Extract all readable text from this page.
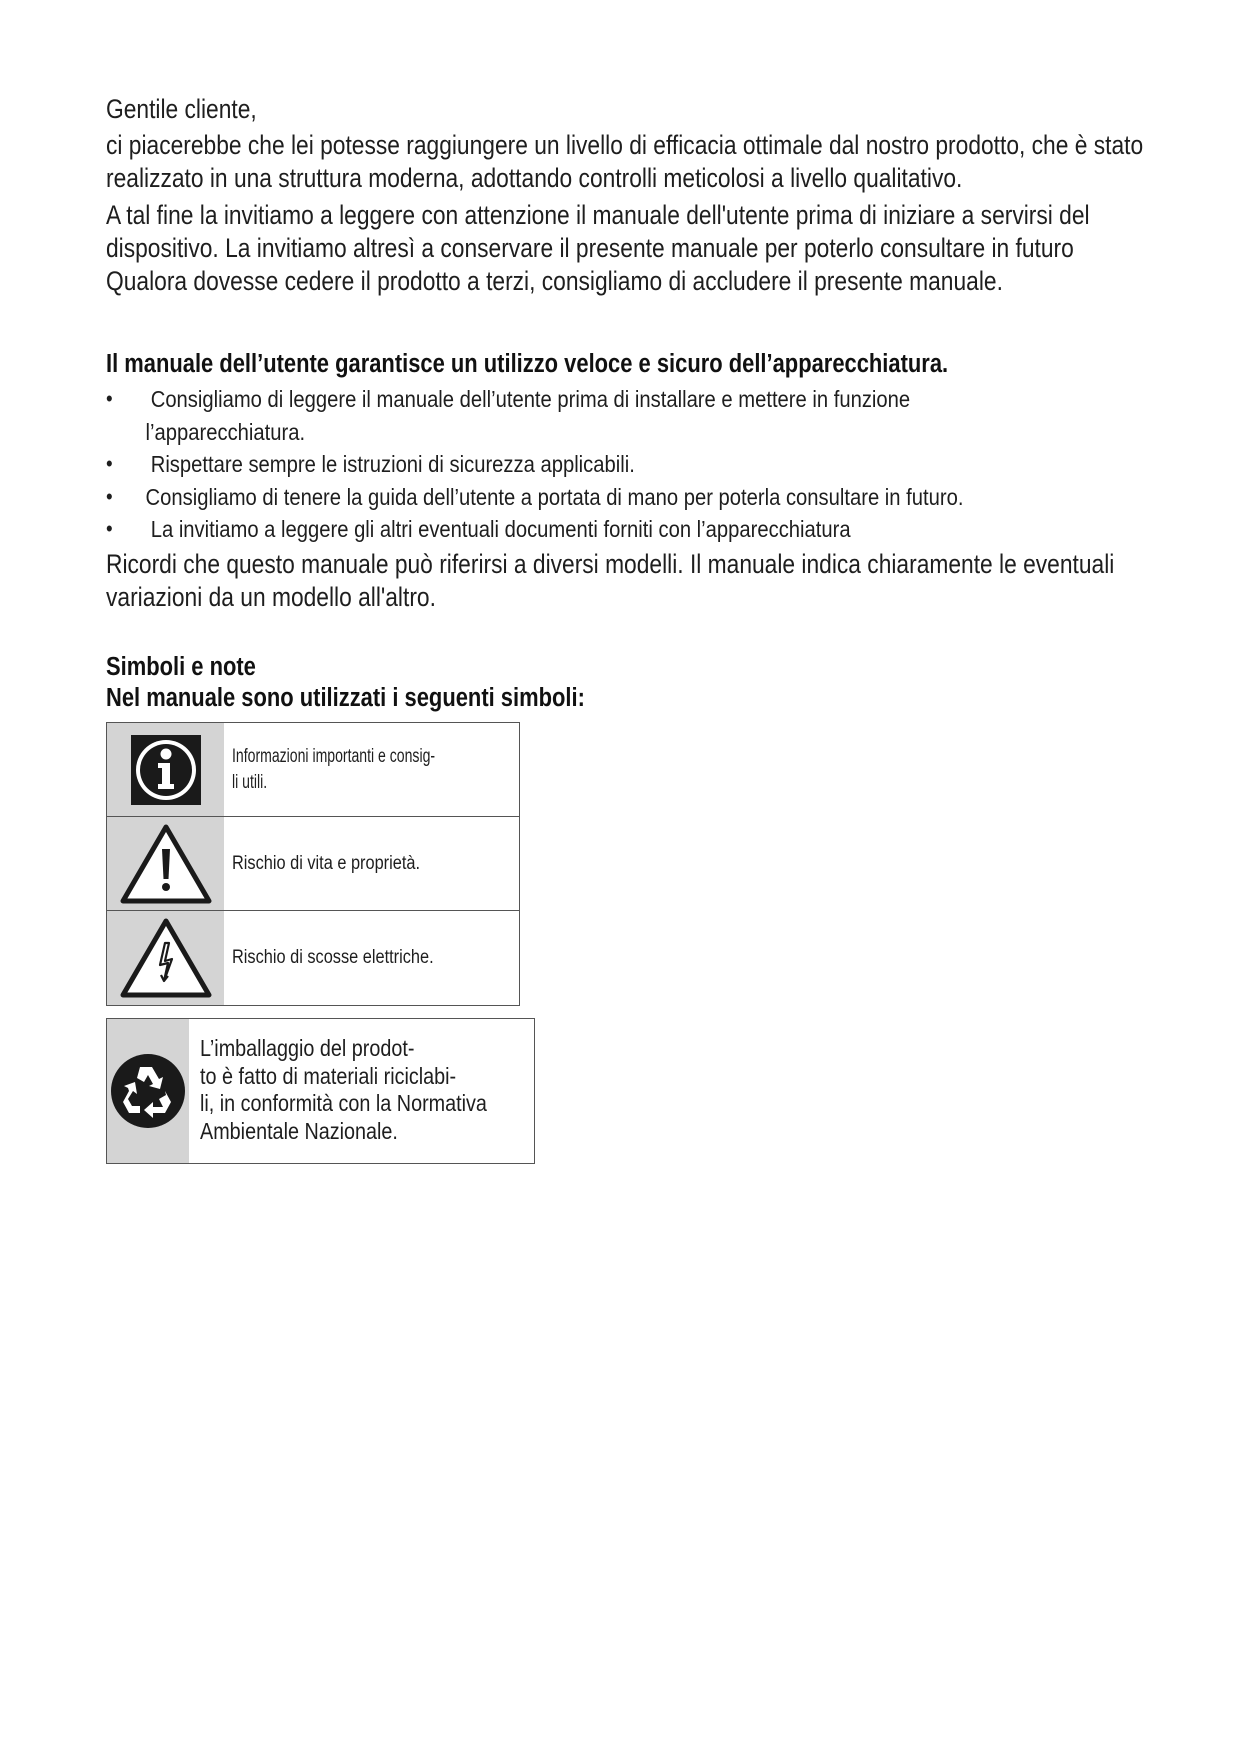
Gentile cliente,

ci piacerebbe che lei potesse raggiungere un livello di efficacia ottimale dal nostro prodotto, che è stato
realizzato in una struttura moderna, adottando controlli meticolosi a livello qualitativo.

A tal fine la invitiamo a leggere con attenzione il manuale dell'utente prima di iniziare a servirsi del
dispositivo. La invitiamo altresì a conservare il presente manuale per poterlo consultare in futuro
Qualora dovesse cedere il prodotto a terzi, consigliamo di accludere il presente manuale.

Il manuale dell’utente garantisce un utilizzo veloce e sicuro dell’apparecchiatura.
• Consigliamo di leggere il manuale dell’utente prima di installare e mettere in funzione
l’apparecchiatura.
• Rispettare sempre le istruzioni di sicurezza applicabili.
• Consigliamo di tenere la guida dell’utente a portata di mano per poterla consultare in futuro.
• La invitiamo a leggere gli altri eventuali documenti forniti con l’apparecchiatura

Ricordi che questo manuale può riferirsi a diversi modelli. Il manuale indica chiaramente le eventuali
variazioni da un modello all'altro.

Simboli e note
Nel manuale sono utilizzati i seguenti simboli:
Informazioni importanti e consig-
li utili.
Rischio di vita e proprietà.
Rischio di scosse elettriche.
L’imballaggio del prodot-
to è fatto di materiali riciclabi-
li, in conformità con la Normativa
Ambientale Nazionale.
